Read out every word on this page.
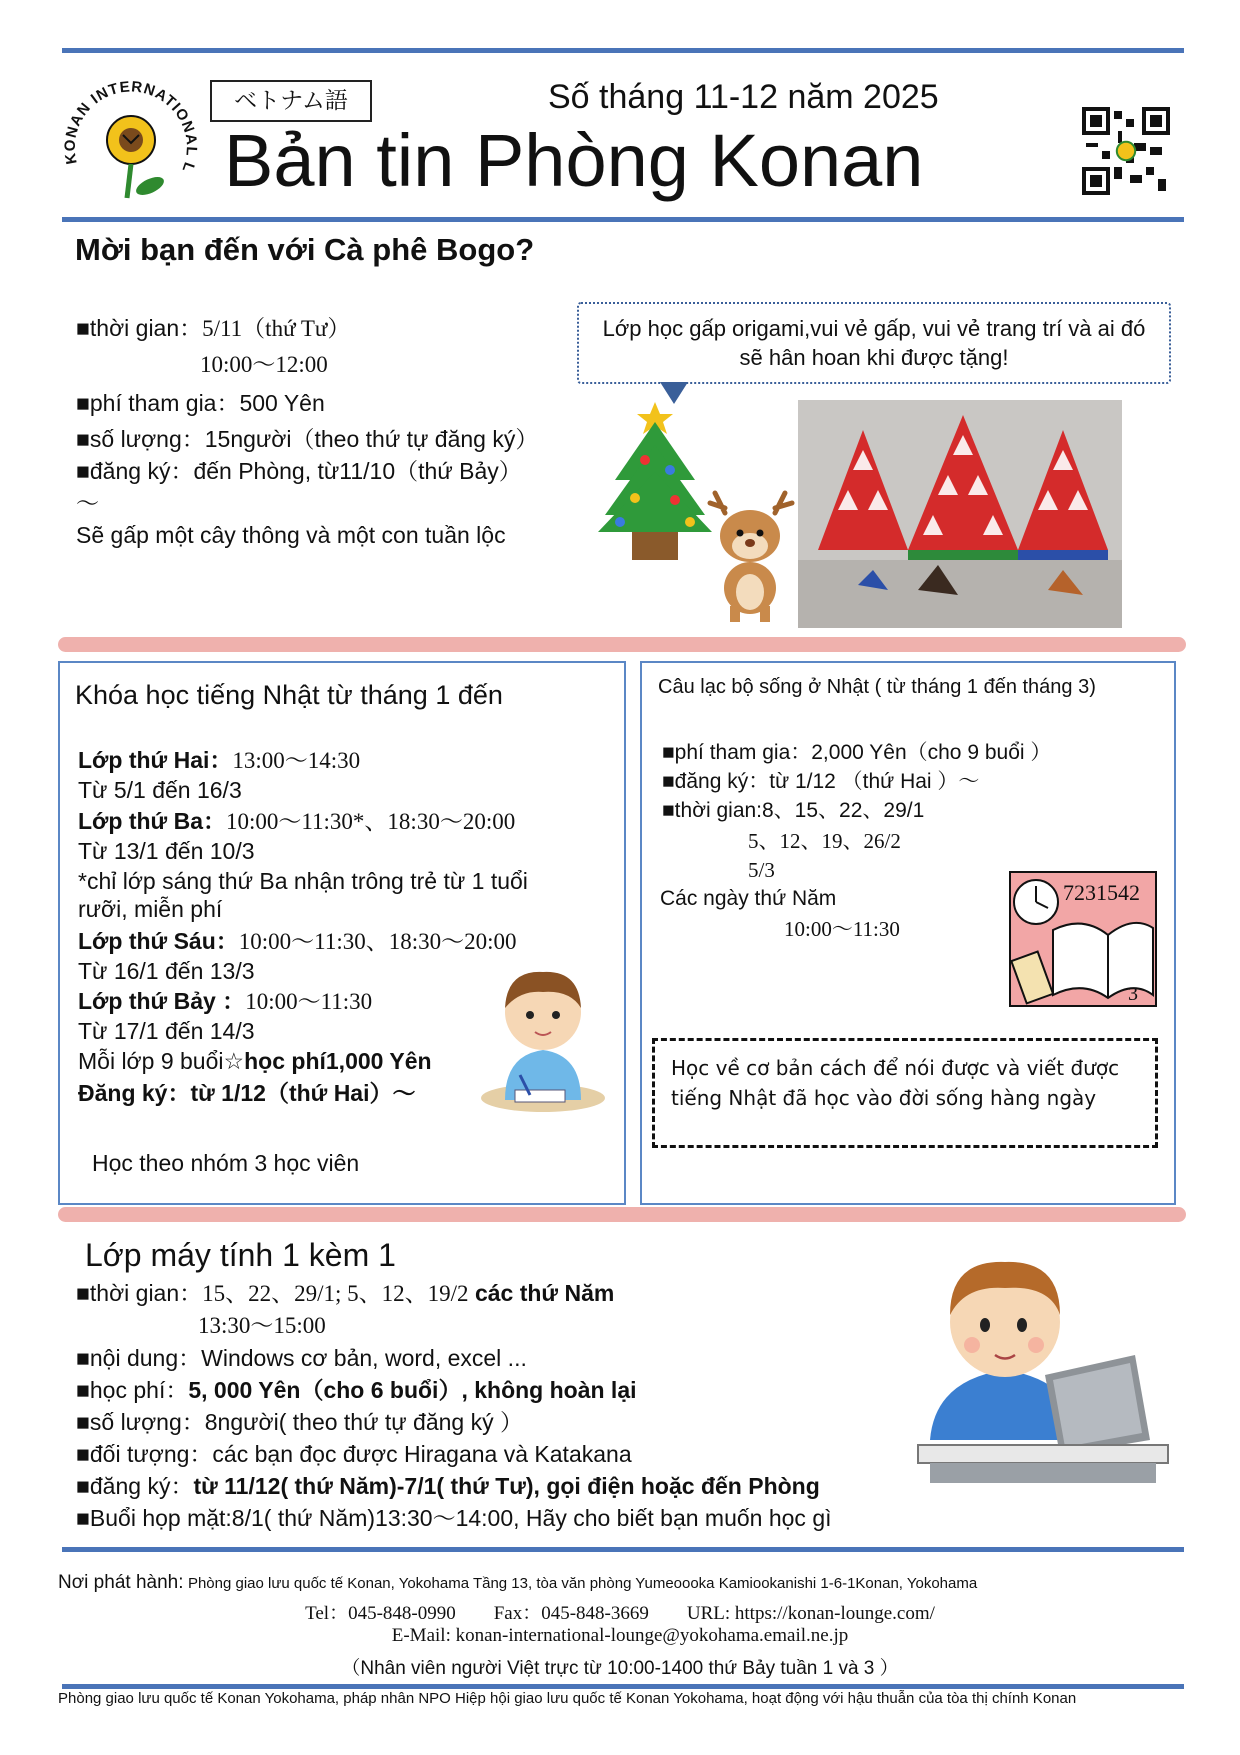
KONAN INTERNATIONAL L
ベトナム語	Số tháng 11-12 năm 2025
Bản tin Phòng Konan
Mời bạn đến với Cà phê Bogo?
■thời gian：5/11（thứ Tư）
10:00～12:00
■phí tham gia：500 Yên
■số lượng：15người（theo thứ tự đăng ký）
■đăng ký：đến Phòng, từ11/10（thứ Bảy）
～
Sẽ gấp một cây thông và một con tuần lộc
Lớp học gấp origami,vui vẻ gấp, vui vẻ trang trí và ai đó sẽ hân hoan khi được tặng!
Khóa học tiếng Nhật từ tháng 1 đến
Lớp thứ Hai：13:00～14:30
Từ 5/1 đến 16/3
Lớp thứ Ba：10:00～11:30*、18:30～20:00
Từ 13/1 đến 10/3
*chỉ lớp sáng thứ Ba nhận trông trẻ từ 1 tuổi
rưỡi, miễn phí
Lớp thứ Sáu：10:00～11:30、18:30～20:00
Từ 16/1 đến 13/3
Lớp thứ Bảy ：10:00～11:30
Từ 17/1 đến 14/3
Mỗi lớp 9 buổi☆học phí1,000 Yên
Đăng ký：từ 1/12（thứ Hai）～
Học theo nhóm 3 học viên
Câu lạc bộ sống ở Nhật ( từ tháng 1 đến tháng 3)
■phí tham gia：2,000 Yên（cho 9 buổi ）
■đăng ký：từ 1/12 （thứ Hai ）～
■thời gian:8、15、22、29/1
5、12、19、26/2
5/3
Các ngày thứ Năm
10:00～11:30
7231542
3
Học về cơ bản cách để nói được và viết được tiếng Nhật đã học vào đời sống hàng ngày
Lớp máy tính 1 kèm 1
■thời gian：15、22、29/1; 5、12、19/2 các thứ Năm
13:30～15:00
■nội dung：Windows cơ bản, word, excel ...
■học phí：5, 000 Yên（cho 6 buổi）, không hoàn lại
■số lượng：8người( theo thứ tự đăng ký ）
■đối tượng：các bạn đọc được Hiragana và Katakana
■đăng ký：từ 11/12( thứ Năm)-7/1( thứ Tư), gọi điện hoặc đến Phòng
■Buổi họp mặt:8/1( thứ Năm)13:30～14:00, Hãy cho biết bạn muốn học gì
Nơi phát hành: Phòng giao lưu quốc tế Konan, Yokohama Tầng 13, tòa văn phòng Yumeoooka Kamiookanishi 1-6-1Konan, Yokohama
Tel：045-848-0990　　Fax：045-848-3669　　URL: https://konan-lounge.com/
E-Mail: konan-international-lounge@yokohama.email.ne.jp
（Nhân viên người Việt trực từ 10:00-1400 thứ Bảy tuần 1 và 3 ）
Phòng giao lưu quốc tế Konan Yokohama, pháp nhân NPO Hiệp hội giao lưu quốc tế Konan Yokohama, hoạt động với hậu thuẫn của tòa thị chính Konan
